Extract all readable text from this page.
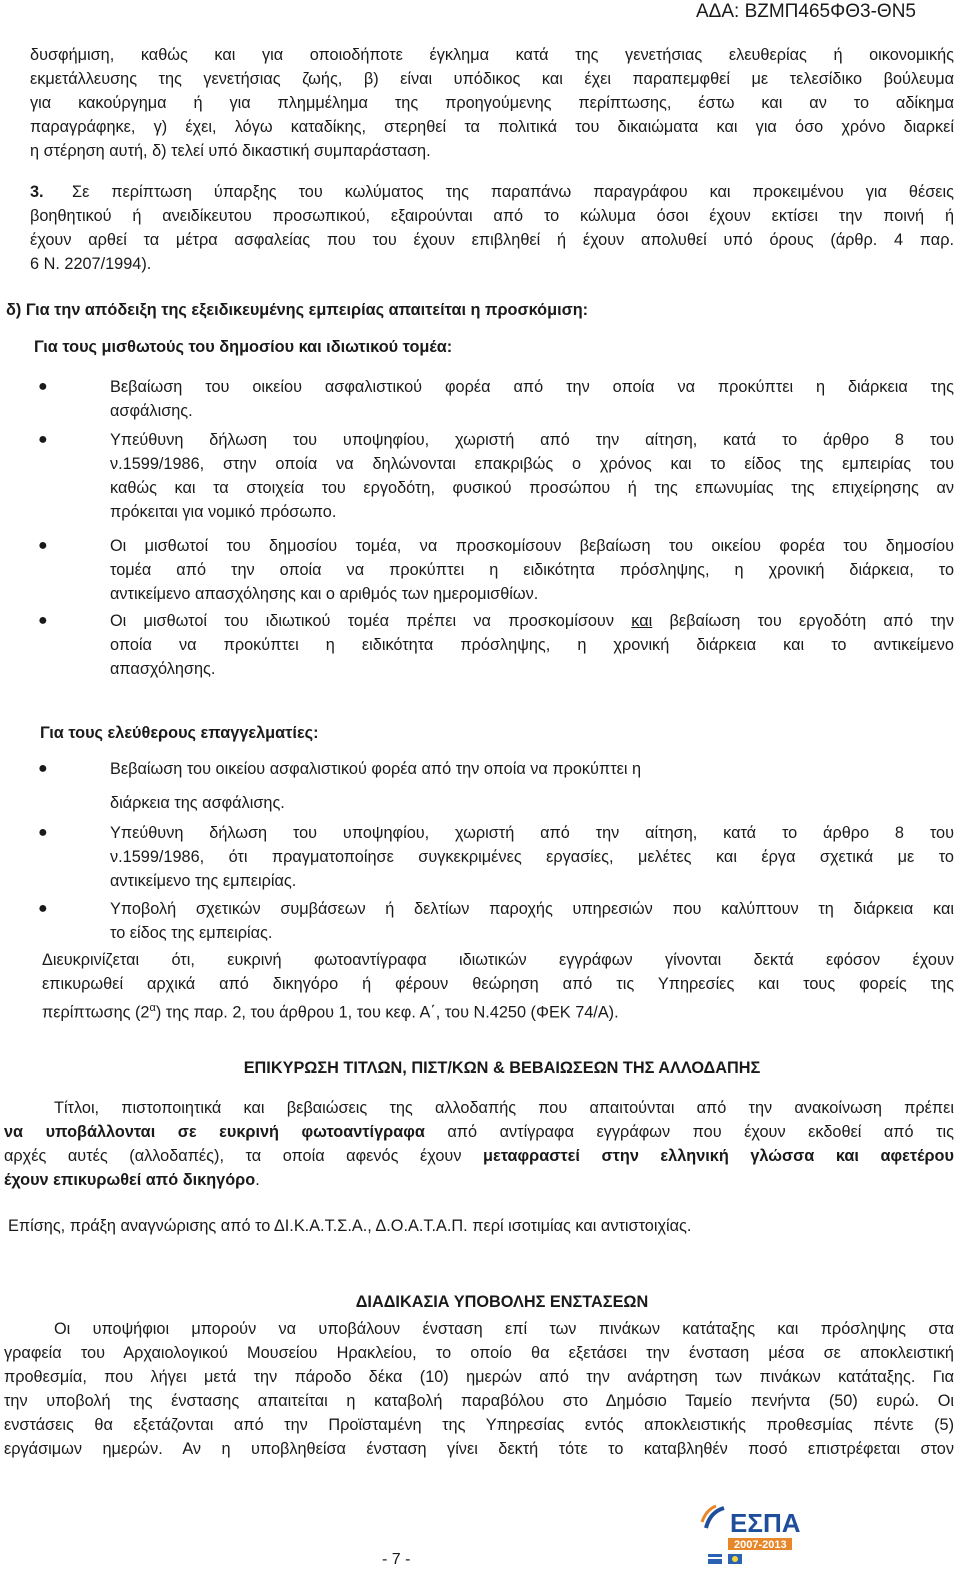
ΑΔΑ: ΒΖΜΠ465ΦΘ3-ΘΝ5
δυσφήμιση, καθώς και για οποιοδήποτε έγκλημα κατά της γενετήσιας ελευθερίας ή οικονομικής
εκμετάλλευσης της γενετήσιας ζωής, β) είναι υπόδικος και έχει παραπεμφθεί με τελεσίδικο βούλευμα
για κακούργημα ή για πλημμέλημα της προηγούμενης περίπτωσης, έστω και αν το αδίκημα
παραγράφηκε, γ) έχει, λόγω καταδίκης, στερηθεί τα πολιτικά του δικαιώματα και για όσο χρόνο διαρκεί
η στέρηση αυτή, δ) τελεί υπό δικαστική συμπαράσταση.
3. Σε περίπτωση ύπαρξης του κωλύματος της παραπάνω παραγράφου και προκειμένου για θέσεις
βοηθητικού ή ανειδίκευτου προσωπικού, εξαιρούνται από το κώλυμα όσοι έχουν εκτίσει την ποινή ή
έχουν αρθεί τα μέτρα ασφαλείας που του έχουν επιβληθεί ή έχουν απολυθεί υπό όρους (άρθρ. 4 παρ.
6 Ν. 2207/1994).
δ) Για την απόδειξη της εξειδικευμένης εμπειρίας απαιτείται η προσκόμιση:
Για τους μισθωτούς του δημοσίου και ιδιωτικού τομέα:
●	Βεβαίωση του οικείου ασφαλιστικού φορέα από την οποία να προκύπτει η διάρκεια της
ασφάλισης.
●	Υπεύθυνη δήλωση του υποψηφίου, χωριστή από την αίτηση, κατά το άρθρο 8 του
ν.1599/1986, στην οποία να δηλώνονται επακριβώς ο χρόνος και το είδος της εμπειρίας του
καθώς και τα στοιχεία του εργοδότη, φυσικού προσώπου ή της επωνυμίας της επιχείρησης αν
πρόκειται για νομικό πρόσωπο.
●	Οι μισθωτοί του δημοσίου τομέα, να προσκομίσουν βεβαίωση του οικείου φορέα του δημοσίου
τομέα από την οποία να προκύπτει η ειδικότητα πρόσληψης, η χρονική διάρκεια, το
αντικείμενο απασχόλησης και ο αριθμός των ημερομισθίων.
●	Οι μισθωτοί του ιδιωτικού τομέα πρέπει να προσκομίσουν και βεβαίωση του εργοδότη από την
οποία να προκύπτει η ειδικότητα πρόσληψης, η χρονική διάρκεια και το αντικείμενο
απασχόλησης.
Για τους ελεύθερους επαγγελματίες:
●	Βεβαίωση του οικείου ασφαλιστικού φορέα από την οποία να προκύπτει η
διάρκεια της ασφάλισης.
●	Υπεύθυνη δήλωση του υποψηφίου, χωριστή από την αίτηση, κατά το άρθρο 8 του
ν.1599/1986, ότι πραγματοποίησε συγκεκριμένες εργασίες, μελέτες και έργα σχετικά με το
αντικείμενο της εμπειρίας.
●	Υποβολή σχετικών συμβάσεων ή δελτίων παροχής υπηρεσιών που καλύπτουν τη διάρκεια και
το είδος της εμπειρίας.
Διευκρινίζεται ότι, ευκρινή φωτοαντίγραφα ιδιωτικών εγγράφων γίνονται δεκτά εφόσον έχουν
επικυρωθεί αρχικά από δικηγόρο ή φέρουν θεώρηση από τις Υπηρεσίες και τους φορείς της
περίπτωσης $(2^\alpha)$ της παρ. 2, του άρθρου 1, του κεφ. Α΄, του Ν.4250 (ΦΕΚ 74/Α).
ΕΠΙΚΥΡΩΣΗ ΤΙΤΛΩΝ, ΠΙΣΤ/ΚΩΝ & ΒΕΒΑΙΩΣΕΩΝ ΤΗΣ ΑΛΛΟΔΑΠΗΣ
Τίτλοι, πιστοποιητικά και βεβαιώσεις της αλλοδαπής που απαιτούνται από την ανακοίνωση πρέπει
να υποβάλλονται σε ευκρινή φωτοαντίγραφα από αντίγραφα εγγράφων που έχουν εκδοθεί από τις
αρχές αυτές (αλλοδαπές), τα οποία αφενός έχουν μεταφραστεί στην ελληνική γλώσσα και αφετέρου
έχουν επικυρωθεί από δικηγόρο.
Επίσης, πράξη αναγνώρισης από το ΔΙ.Κ.Α.Τ.Σ.Α., Δ.Ο.Α.Τ.Α.Π. περί ισοτιμίας και αντιστοιχίας.
ΔΙΑΔΙΚΑΣΙΑ ΥΠΟΒΟΛΗΣ ΕΝΣΤΑΣΕΩΝ
Οι υποψήφιοι μπορούν να υποβάλουν ένσταση επί των πινάκων κατάταξης και πρόσληψης στα
γραφεία του Αρχαιολογικού Μουσείου Ηρακλείου, το οποίο θα εξετάσει την ένσταση μέσα σε αποκλειστική
προθεσμία, που λήγει μετά την πάροδο δέκα (10) ημερών από την ανάρτηση των πινάκων κατάταξης. Για
την υποβολή της ένστασης απαιτείται η καταβολή παραβόλου στο Δημόσιο Ταμείο πενήντα (50) ευρώ. Οι
ενστάσεις θα εξετάζονται από την Προϊσταμένη της Υπηρεσίας εντός αποκλειστικής προθεσμίας πέντε (5)
εργάσιμων ημερών. Αν η υποβληθείσα ένσταση γίνει δεκτή τότε το καταβληθέν ποσό επιστρέφεται στον
ΕΣΠΑ
2007-2013
- 7 -
